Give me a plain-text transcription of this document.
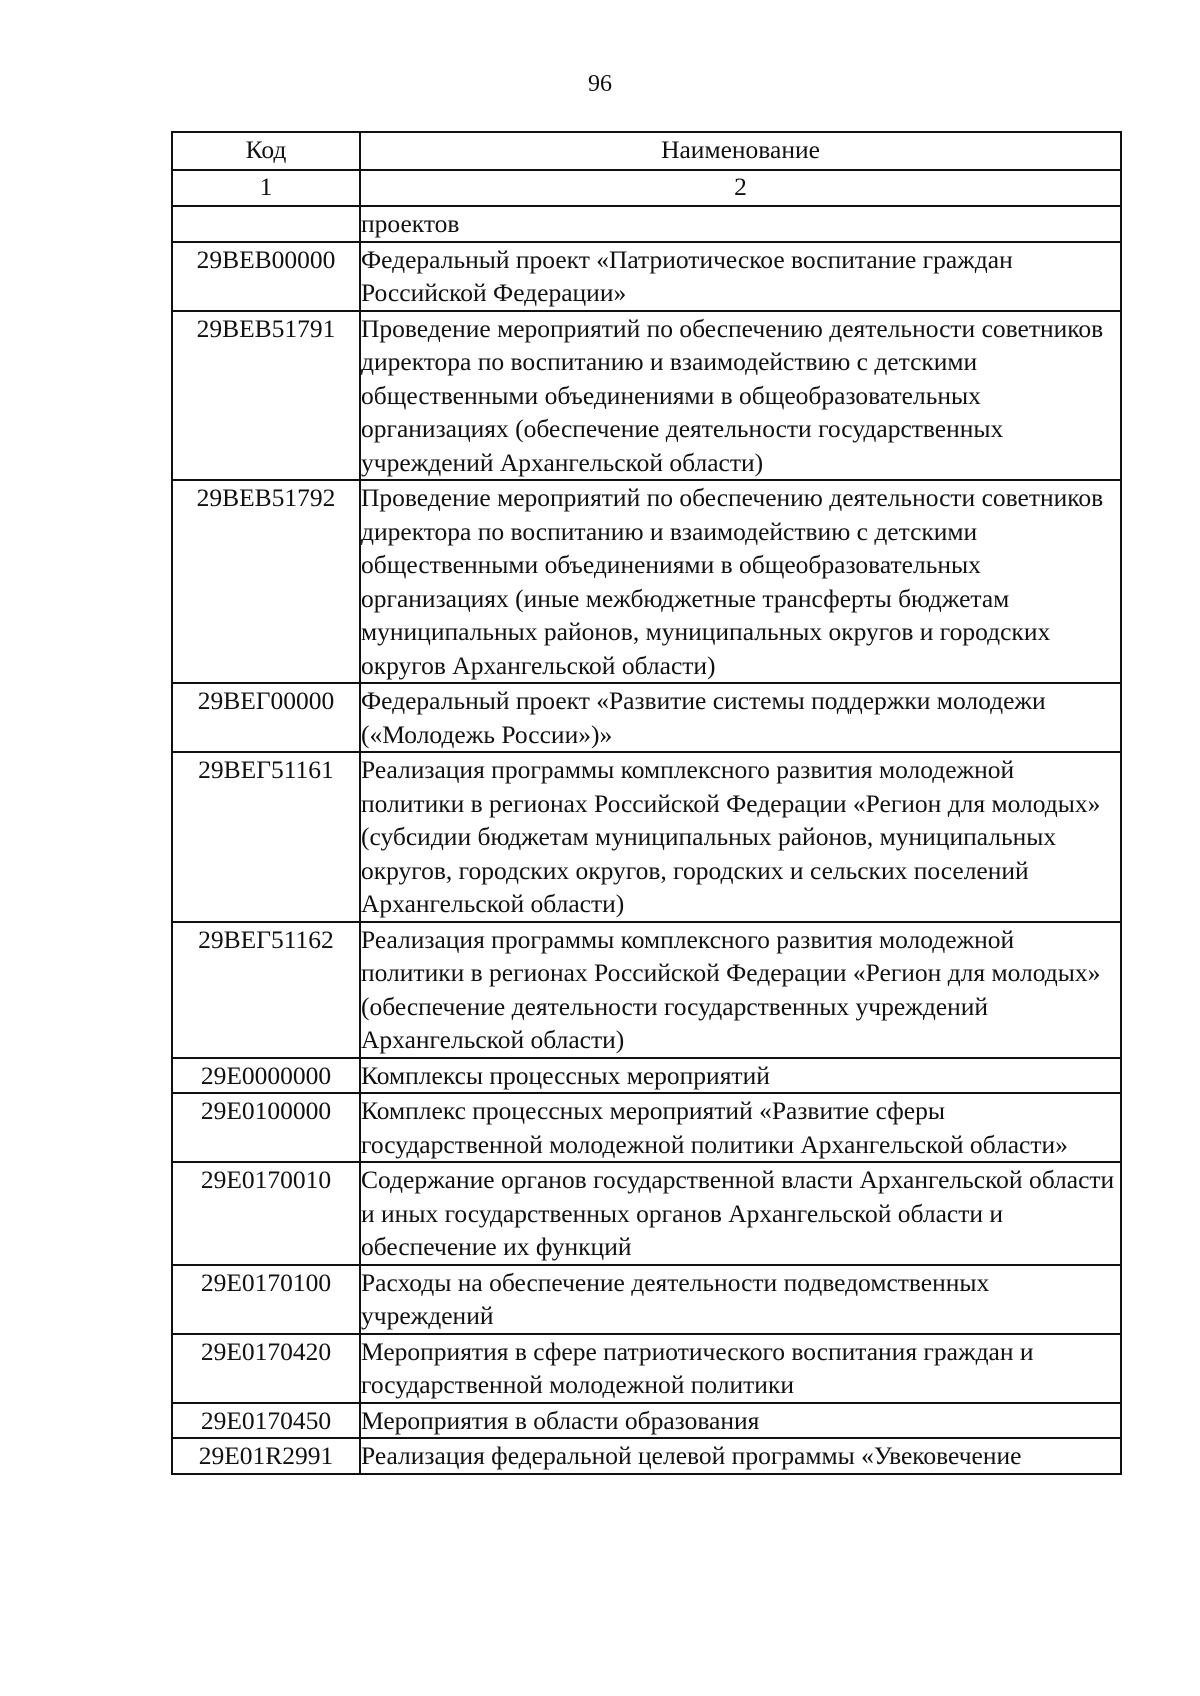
96
Код	Наименование
1	2
	проектов
29ВЕВ00000	Федеральный проект «Патриотическое воспитание граждан Российской Федерации»
29ВЕВ51791	Проведение мероприятий по обеспечению деятельности советников директора по воспитанию и взаимодействию с детскими общественными объединениями в общеобразовательных организациях (обеспечение деятельности государственных учреждений Архангельской области)
29ВЕВ51792	Проведение мероприятий по обеспечению деятельности советников директора по воспитанию и взаимодействию с детскими общественными объединениями в общеобразовательных организациях (иные межбюджетные трансферты бюджетам муниципальных районов, муниципальных округов и городских округов Архангельской области)
29ВЕГ00000	Федеральный проект «Развитие системы поддержки молодежи («Молодежь России»)»
29ВЕГ51161	Реализация программы комплексного развития молодежной политики в регионах Российской Федерации «Регион для молодых» (субсидии бюджетам муниципальных районов, муниципальных округов, городских округов, городских и сельских поселений Архангельской области)
29ВЕГ51162	Реализация программы комплексного развития молодежной политики в регионах Российской Федерации «Регион для молодых» (обеспечение деятельности государственных учреждений Архангельской области)
29Е0000000	Комплексы процессных мероприятий
29Е0100000	Комплекс процессных мероприятий «Развитие сферы государственной молодежной политики Архангельской области»
29Е0170010	Содержание органов государственной власти Архангельской области и иных государственных органов Архангельской области и обеспечение их функций
29Е0170100	Расходы на обеспечение деятельности подведомственных учреждений
29Е0170420	Мероприятия в сфере патриотического воспитания граждан и государственной молодежной политики
29Е0170450	Мероприятия в области образования
29Е01R2991	Реализация федеральной целевой программы «Увековечение
